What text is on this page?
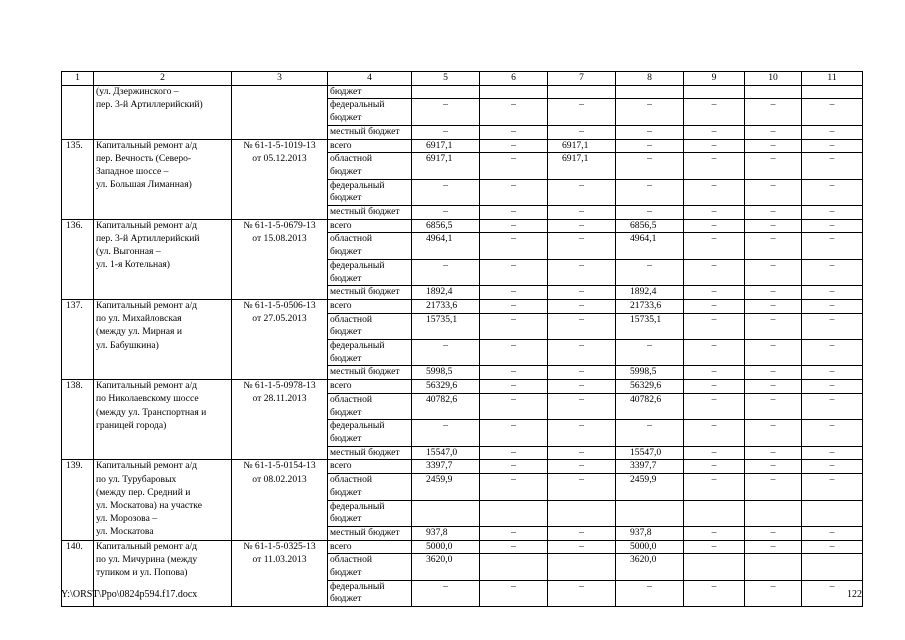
1	2	3	4	5	6	7	8	9	10	11
	(ул. Дзержинского –		бюджет							
	пер. 3-й Артиллерийский)		федеральный	–	–	–	–	–	–	–
			бюджет							
			местный бюджет	–	–	–	–	–	–	–
135.	Капитальный ремонт а/д	№ 61-1-5-1019-13	всего	6917,1	–	6917,1	–	–	–	–
	пер. Вечность (Северо-	от 05.12.2013	областной	6917,1	–	6917,1	–	–	–	–
	Западное шоссе –		бюджет							
	ул. Большая Лиманная)		федеральный	–	–	–	–	–	–	–
			бюджет							
			местный бюджет	–	–	–	–	–	–	–
136.	Капитальный ремонт а/д	№ 61-1-5-0679-13	всего	6856,5	–	–	6856,5	–	–	–
	пер. 3-й Артиллерийский	от 15.08.2013	областной	4964,1	–	–	4964,1	–	–	–
	(ул. Выгонная –		бюджет							
	ул. 1-я Котельная)		федеральный	–	–	–	–	–	–	–
			бюджет							
			местный бюджет	1892,4	–	–	1892,4	–	–	–
137.	Капитальный ремонт а/д	№ 61-1-5-0506-13	всего	21733,6	–	–	21733,6	–	–	–
	по ул. Михайловская	от 27.05.2013	областной	15735,1	–	–	15735,1	–	–	–
	(между ул. Мирная и		бюджет							
	ул. Бабушкина)		федеральный	–	–	–	–	–	–	–
			бюджет							
			местный бюджет	5998,5	–	–	5998,5	–	–	–
138.	Капитальный ремонт а/д	№ 61-1-5-0978-13	всего	56329,6	–	–	56329,6	–	–	–
	по Николаевскому шоссе	от 28.11.2013	областной	40782,6	–	–	40782,6	–	–	–
	(между ул. Транспортная и		бюджет							
	границей города)		федеральный	–	–	–	–	–	–	–
			бюджет							
			местный бюджет	15547,0	–	–	15547,0	–	–	–
139.	Капитальный ремонт а/д	№ 61-1-5-0154-13	всего	3397,7	–	–	3397,7	–	–	–
	по ул. Турубаровых	от 08.02.2013	областной	2459,9	–	–	2459,9	–	–	–
	(между пер. Средний и		бюджет							
	ул. Москатова) на участке		федеральный							
	ул. Морозова –		бюджет							
	ул. Москатова		местный бюджет	937,8	–	–	937,8	–	–	–
140.	Капитальный ремонт а/д	№ 61-1-5-0325-13	всего	5000,0	–	–	5000,0	–	–	–
	по ул. Мичурина (между	от 11.03.2013	областной	3620,0			3620,0			
	тупиком и ул. Попова)		бюджет							
			федеральный	–	–	–	–	–	–	–
			бюджет							
Y:\ORST\Ppo\0824p594.f17.docx	122
